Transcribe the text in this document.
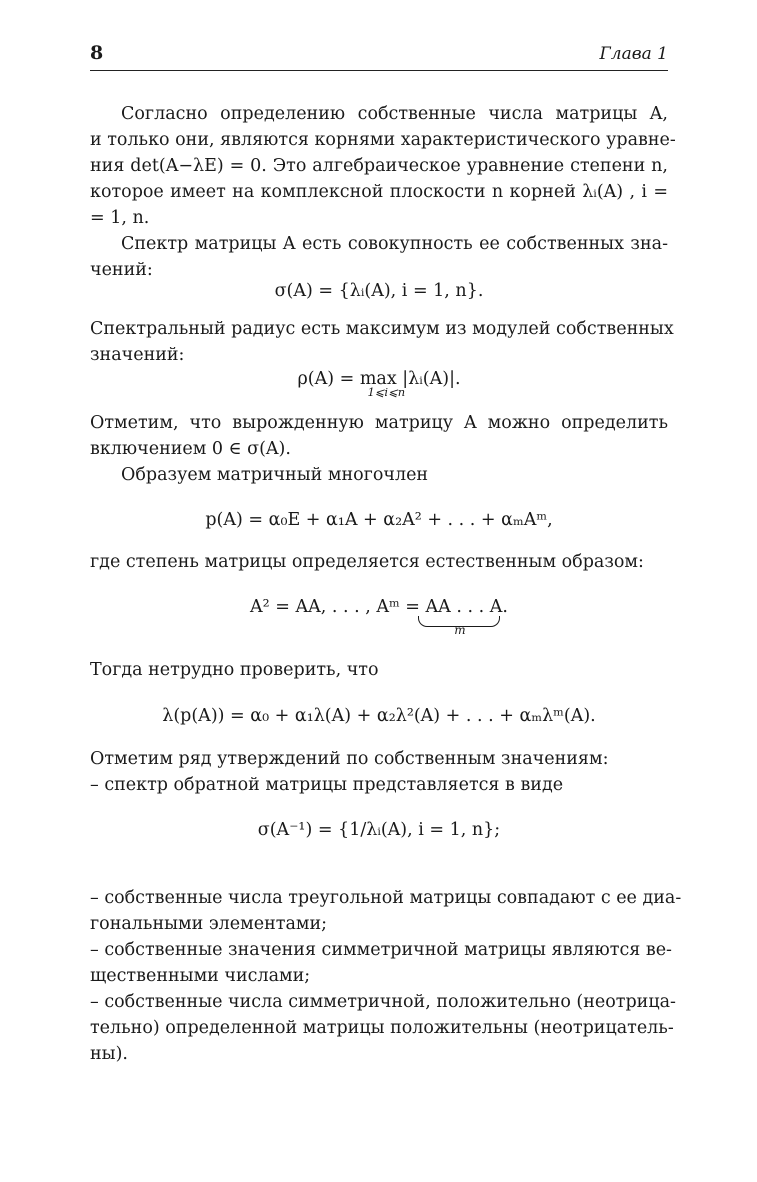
8	Глава 1
Согласно определению собственные числа матрицы A,
и только они, являются корнями характеристического уравне-
ния det(A−λE) = 0. Это алгебраическое уравнение степени n,
которое имеет на комплексной плоскости n корней λᵢ(A) , i =
= 1, n.
Спектр матрицы A есть совокупность ее собственных зна-
чений:
σ(A) = {λᵢ(A), i = 1, n}.
Спектральный радиус есть максимум из модулей собственных
значений:
ρ(A) = max |λᵢ(A)|.
1⩽i⩽n
Отметим, что вырожденную матрицу A можно определить
включением 0 ∈ σ(A).
Образуем матричный многочлен
p(A) = α₀E + α₁A + α₂A² + . . . + αₘAᵐ,
где степень матрицы определяется естественным образом:
A² = AA, . . . , Aᵐ = AA . . . A.
m
Тогда нетрудно проверить, что
λ(p(A)) = α₀ + α₁λ(A) + α₂λ²(A) + . . . + αₘλᵐ(A).
Отметим ряд утверждений по собственным значениям:
– спектр обратной матрицы представляется в виде
σ(A⁻¹) = {1/λᵢ(A), i = 1, n};
– собственные числа треугольной матрицы совпадают с ее диа-
гональными элементами;
– собственные значения симметричной матрицы являются ве-
щественными числами;
– собственные числа симметричной, положительно (неотрица-
тельно) определенной матрицы положительны (неотрицатель-
ны).
